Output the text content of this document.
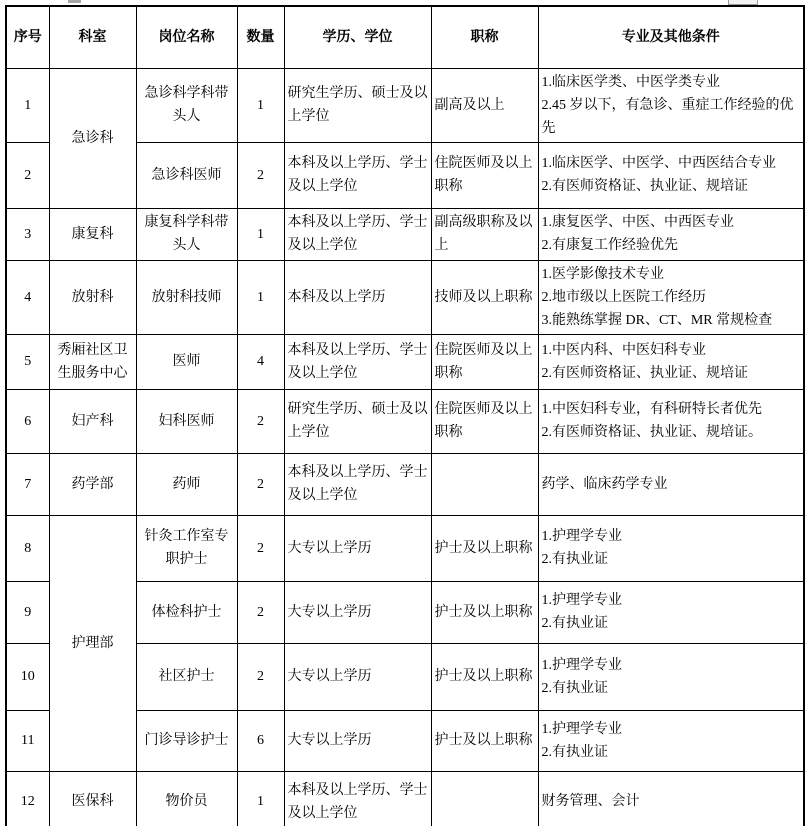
序号	科室	岗位名称	数量	学历、学位	职称	专业及其他条件
1	急诊科	急诊科学科带头人	1	研究生学历、硕士及以上学位	副高及以上	1.临床医学类、中医学类专业
2.45 岁以下，有急诊、重症工作经验的优先

2		急诊科医师	2	本科及以上学历、学士及以上学位	住院医师及以上职称	1.临床医学、中医学、中西医结合专业
2.有医师资格证、执业证、规培证

3	康复科	康复科学科带头人	1	本科及以上学历、学士及以上学位	副高级职称及以上	1.康复医学、中医、中西医专业
2.有康复工作经验优先

4	放射科	放射科技师	1	本科及以上学历	技师及以上职称	1.医学影像技术专业
2.地市级以上医院工作经历
3.能熟练掌握 DR、CT、MR 常规检查

5	秀厢社区卫生服务中心	医师	4	本科及以上学历、学士及以上学位	住院医师及以上职称	1.中医内科、中医妇科专业
2.有医师资格证、执业证、规培证

6	妇产科	妇科医师	2	研究生学历、硕士及以上学位	住院医师及以上职称	1.中医妇科专业，有科研特长者优先
2.有医师资格证、执业证、规培证。

7	药学部	药师	2	本科及以上学历、学士及以上学位		药学、临床药学专业

8	护理部	针灸工作室专职护士	2	大专以上学历	护士及以上职称	1.护理学专业
2.有执业证

9		体检科护士	2	大专以上学历	护士及以上职称	1.护理学专业
2.有执业证

10		社区护士	2	大专以上学历	护士及以上职称	1.护理学专业
2.有执业证

11		门诊导诊护士	6	大专以上学历	护士及以上职称	1.护理学专业
2.有执业证

12	医保科	物价员	1	本科及以上学历、学士及以上学位		财务管理、会计
